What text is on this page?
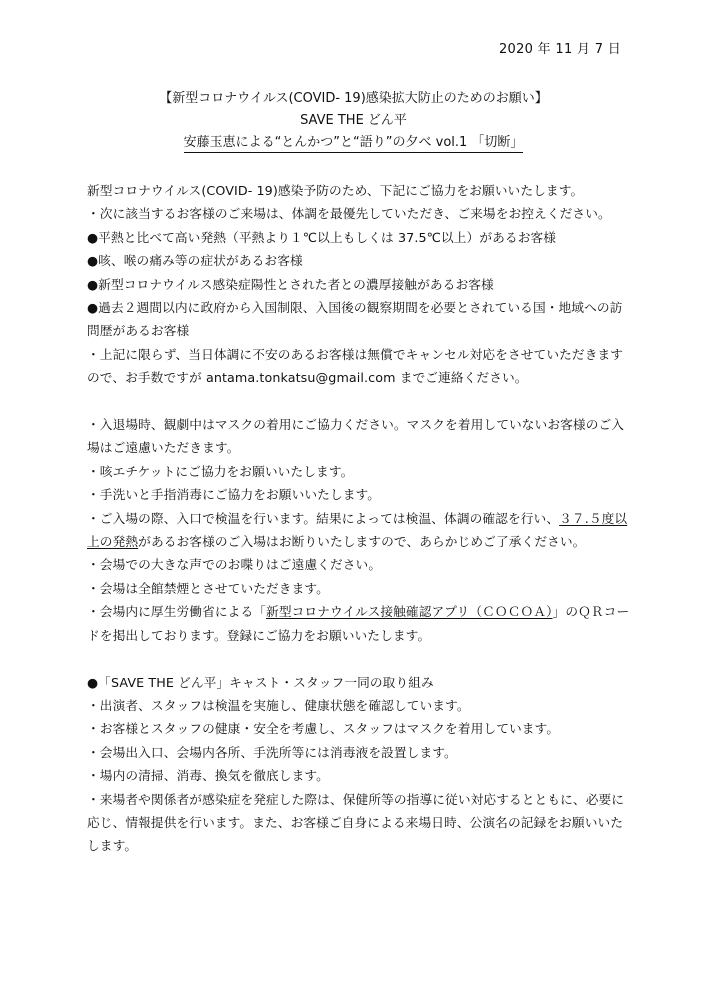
2020 年 11 月 7 日
【新型コロナウイルス(COVID- 19)感染拡大防止のためのお願い】
SAVE THE どん平
安藤玉恵による“とんかつ”と“語り”の夕べ vol.1 「切断」

新型コロナウイルス(COVID- 19)感染予防のため、下記にご協力をお願いいたします。

・次に該当するお客様のご来場は、体調を最優先していただき、ご来場をお控えください。

●平熱と比べて高い発熱（平熱より１℃以上もしくは 37.5℃以上）があるお客様

●咳、喉の痛み等の症状があるお客様

●新型コロナウイルス感染症陽性とされた者との濃厚接触があるお客様

●過去２週間以内に政府から入国制限、入国後の観察期間を必要とされている国・地域への訪問歴があるお客様

・上記に限らず、当日体調に不安のあるお客様は無償でキャンセル対応をさせていただきますので、お手数ですが antama.tonkatsu@gmail.com までご連絡ください。

・入退場時、観劇中はマスクの着用にご協力ください。マスクを着用していないお客様のご入場はご遠慮いただきます。

・咳エチケットにご協力をお願いいたします。

・手洗いと手指消毒にご協力をお願いいたします。

・ご入場の際、入口で検温を行います。結果によっては検温、体調の確認を行い、３７.５度以上の発熱があるお客様のご入場はお断りいたしますので、あらかじめご了承ください。

・会場での大きな声でのお喋りはご遠慮ください。

・会場は全館禁煙とさせていただきます。

・会場内に厚生労働省による「新型コロナウイルス接触確認アプリ（ＣＯＣＯＡ）」のＱＲコードを掲出しております。登録にご協力をお願いいたします。

●「SAVE THE どん平」キャスト・スタッフ一同の取り組み

・出演者、スタッフは検温を実施し、健康状態を確認しています。

・お客様とスタッフの健康・安全を考慮し、スタッフはマスクを着用しています。

・会場出入口、会場内各所、手洗所等には消毒液を設置します。

・場内の清掃、消毒、換気を徹底します。

・来場者や関係者が感染症を発症した際は、保健所等の指導に従い対応するとともに、必要に応じ、情報提供を行います。また、お客様ご自身による来場日時、公演名の記録をお願いいたします。
